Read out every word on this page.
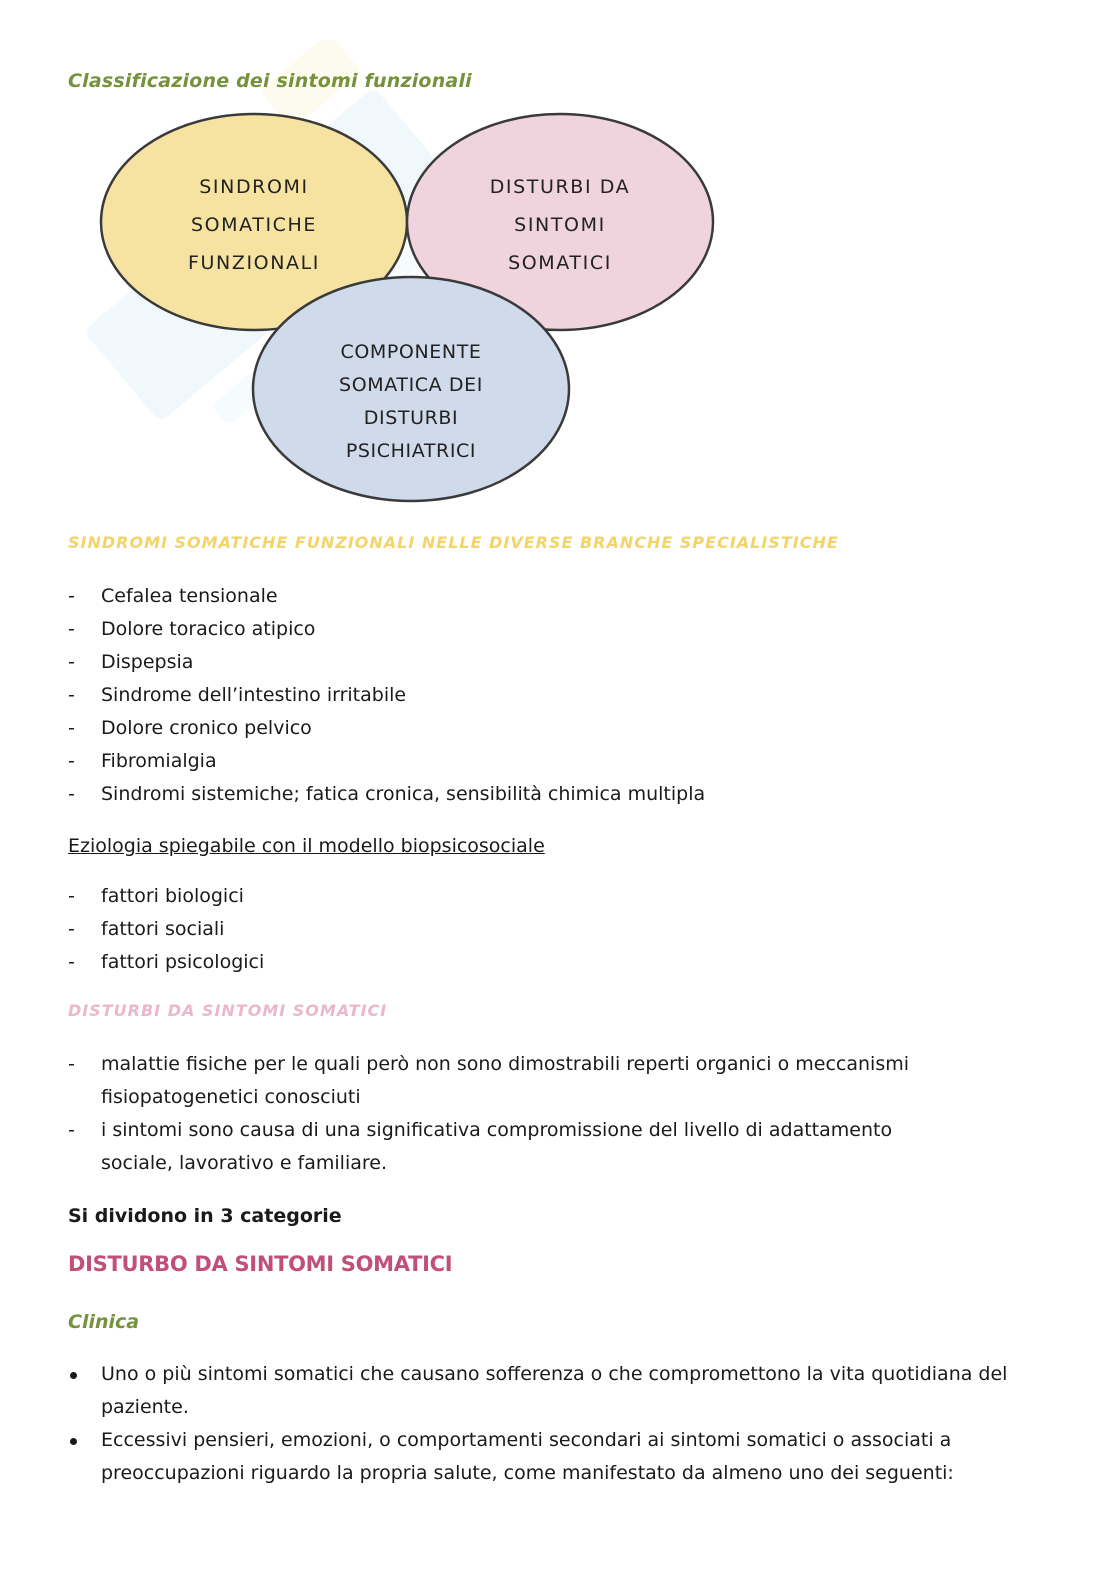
Classificazione dei sintomi funzionali
SINDROMI
SOMATICHE
FUNZIONALI
DISTURBI DA
SINTOMI
SOMATICI
COMPONENTE
SOMATICA DEI
DISTURBI
PSICHIATRICI
SINDROMI SOMATICHE FUNZIONALI NELLE DIVERSE BRANCHE SPECIALISTICHE
- Cefalea tensionale
- Dolore toracico atipico
- Dispepsia
- Sindrome dell’intestino irritabile
- Dolore cronico pelvico
- Fibromialgia
- Sindromi sistemiche; fatica cronica, sensibilità chimica multipla

Eziologia spiegabile con il modello biopsicosociale

- fattori biologici
- fattori sociali
- fattori psicologici
DISTURBI DA SINTOMI SOMATICI
- malattie fisiche per le quali però non sono dimostrabili reperti organici o meccanismi fisiopatogenetici conosciuti
- i sintomi sono causa di una significativa compromissione del livello di adattamento sociale, lavorativo e familiare.

Si dividono in 3 categorie

DISTURBO DA SINTOMI SOMATICI
Clinica
Uno o più sintomi somatici che causano sofferenza o che compromettono la vita quotidiana del paziente.
Eccessivi pensieri, emozioni, o comportamenti secondari ai sintomi somatici o associati a preoccupazioni riguardo la propria salute, come manifestato da almeno uno dei seguenti:
